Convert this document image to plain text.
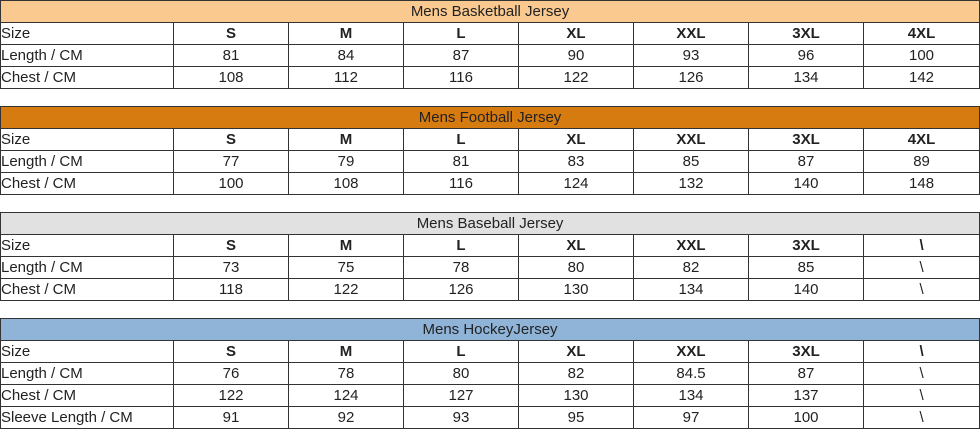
Mens Basketball Jersey							
Size	S	M	L	XL	XXL	3XL	4XL
Length / CM	81	84	87	90	93	96	100
Chest / CM	108	112	116	122	126	134	142
Mens Football Jersey							
Size	S	M	L	XL	XXL	3XL	4XL
Length / CM	77	79	81	83	85	87	89
Chest / CM	100	108	116	124	132	140	148
Mens Baseball Jersey							
Size	S	M	L	XL	XXL	3XL	\
Length / CM	73	75	78	80	82	85	\
Chest / CM	118	122	126	130	134	140	\
Mens HockeyJersey							
Size	S	M	L	XL	XXL	3XL	\
Length / CM	76	78	80	82	84.5	87	\
Chest / CM	122	124	127	130	134	137	\
Sleeve Length / CM	91	92	93	95	97	100	\
